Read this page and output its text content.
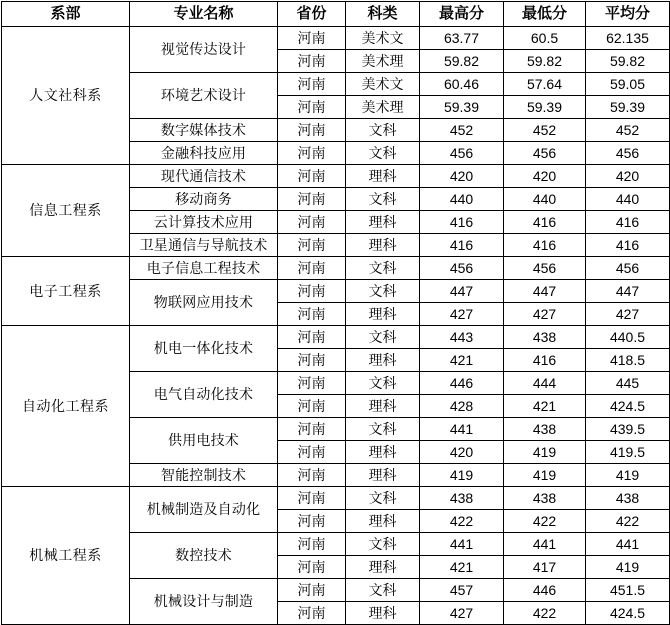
系部	专业名称	省份	科类	最高分	最低分	平均分
人文社科系	视觉传达设计	河南	美术文	63.77	60.5	62.135
		河南	美术理	59.82	59.82	59.82
	环境艺术设计	河南	美术文	60.46	57.64	59.05
		河南	美术理	59.39	59.39	59.39
	数字媒体技术	河南	文科	452	452	452
	金融科技应用	河南	文科	456	456	456
信息工程系	现代通信技术	河南	理科	420	420	420
	移动商务	河南	文科	440	440	440
	云计算技术应用	河南	理科	416	416	416
	卫星通信与导航技术	河南	理科	416	416	416
电子工程系	电子信息工程技术	河南	文科	456	456	456
	物联网应用技术	河南	文科	447	447	447
		河南	理科	427	427	427
自动化工程系	机电一体化技术	河南	文科	443	438	440.5
		河南	理科	421	416	418.5
	电气自动化技术	河南	文科	446	444	445
		河南	理科	428	421	424.5
	供用电技术	河南	文科	441	438	439.5
		河南	理科	420	419	419.5
	智能控制技术	河南	理科	419	419	419
机械工程系	机械制造及自动化	河南	文科	438	438	438
		河南	理科	422	422	422
	数控技术	河南	文科	441	441	441
		河南	理科	421	417	419
	机械设计与制造	河南	文科	457	446	451.5
		河南	理科	427	422	424.5
